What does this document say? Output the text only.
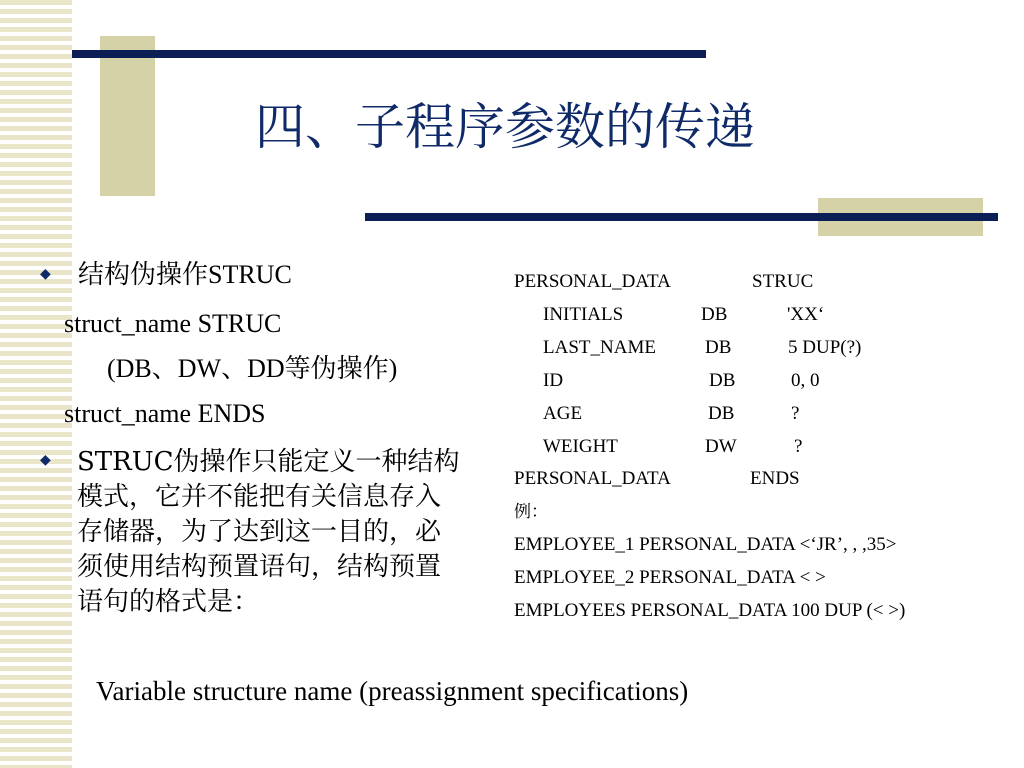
四、子程序参数的传递
◆ 结构伪操作STRUC
struct_name STRUC
(DB、DW、DD等伪操作)
struct_name ENDS
◆ STRUC伪操作只能定义一种结构模式，它并不能把有关信息存入存储器，为了达到这一目的，必须使用结构预置语句，结构预置语句的格式是：
PERSONAL_DATA	STRUC
INITIALS	DB	'XX‘
LAST_NAME	DB	5 DUP(?)
ID	DB	0, 0
AGE	DB	?
WEIGHT	DW	?
PERSONAL_DATA	ENDS
例：
EMPLOYEE_1 PERSONAL_DATA <‘JR’, , ,35>
EMPLOYEE_2 PERSONAL_DATA < >
EMPLOYEES PERSONAL_DATA 100 DUP (< >)
Variable structure name (preassignment specifications)
